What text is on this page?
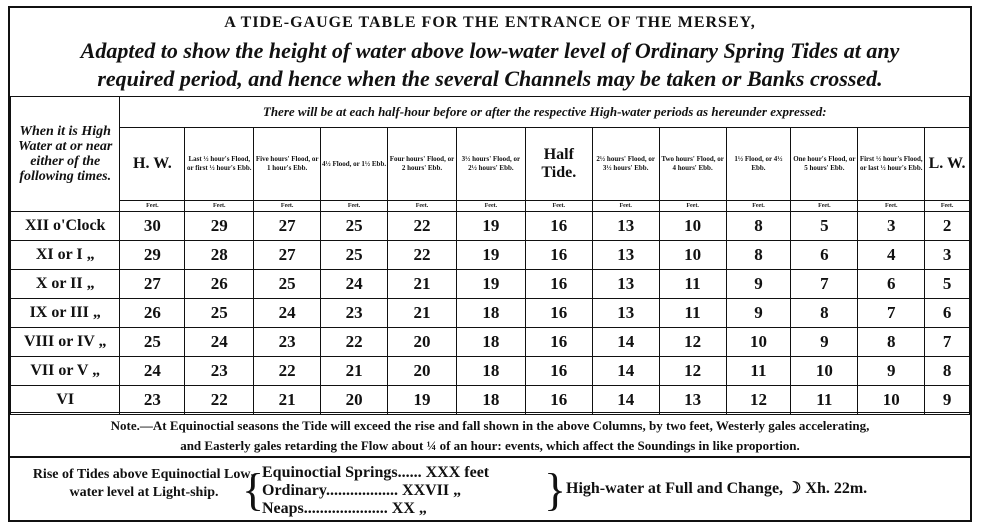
A TIDE-GAUGE TABLE FOR THE ENTRANCE OF THE MERSEY,
Adapted to show the height of water above low-water level of Ordinary Spring Tides at any
required period, and hence when the several Channels may be taken or Banks crossed.
When it is High Water at or near either of the following times.	There will be at each half-hour before or after the respective High-water periods as hereunder expressed:												
	H. W.	Last ½ hour's Flood, or first ½ hour's Ebb.	Five hours' Flood, or 1 hour's Ebb.	4½ Flood, or 1½ Ebb.	Four hours' Flood, or 2 hours' Ebb.	3½ hours' Flood, or 2½ hours' Ebb.	Half Tide.	2½ hours' Flood, or 3½ hours' Ebb.	Two hours' Flood, or 4 hours' Ebb.	1½ Flood, or 4½ Ebb.	One hour's Flood, or 5 hours' Ebb.	First ½ hour's Flood, or last ½ hour's Ebb.	L. W.
	Feet.	Feet.	Feet.	Feet.	Feet.	Feet.	Feet.	Feet.	Feet.	Feet.	Feet.	Feet.	Feet.
XII o'Clock	30	29	27	25	22	19	16	13	10	8	5	3	2
XI or I „	29	28	27	25	22	19	16	13	10	8	6	4	3
X or II „	27	26	25	24	21	19	16	13	11	9	7	6	5
IX or III „	26	25	24	23	21	18	16	13	11	9	8	7	6
VIII or IV „	25	24	23	22	20	18	16	14	12	10	9	8	7
VII or V „	24	23	22	21	20	18	16	14	12	11	10	9	8
VI	23	22	21	20	19	18	16	14	13	12	11	10	9
Note.—At Equinoctial seasons the Tide will exceed the rise and fall shown in the above Columns, by two feet, Westerly gales accelerating,
and Easterly gales retarding the Flow about ¼ of an hour: events, which affect the Soundings in like proportion.
Rise of Tides above Equinoctial Low-water level at Light-ship. {
Equinoctial Springs...... XXX feet
Ordinary.................. XXVII „
Neaps..................... XX „	} High-water at Full and Change, ☽ Xh. 22m.
